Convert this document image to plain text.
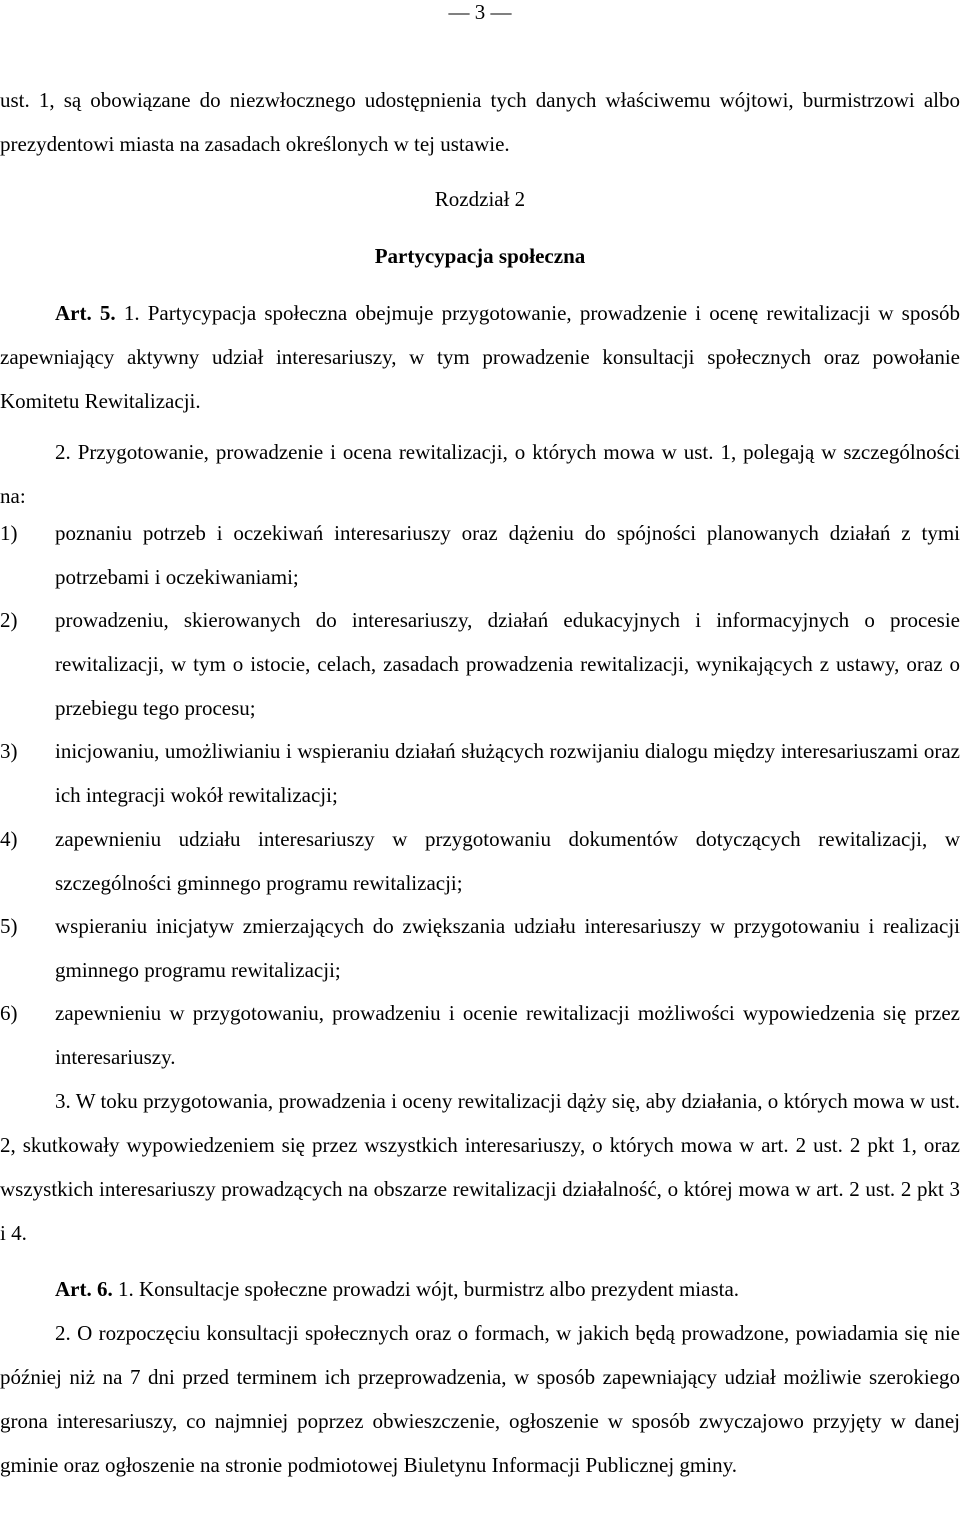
— 3 —

ust. 1, są obowiązane do niezwłocznego udostępnienia tych danych właściwemu wójtowi, burmistrzowi albo prezydentowi miasta na zasadach określonych w tej ustawie.

Rozdział 2

Partycypacja społeczna

Art. 5. 1. Partycypacja społeczna obejmuje przygotowanie, prowadzenie i ocenę rewitalizacji w sposób zapewniający aktywny udział interesariuszy, w tym prowadzenie konsultacji społecznych oraz powołanie Komitetu Rewitalizacji.

2. Przygotowanie, prowadzenie i ocena rewitalizacji, o których mowa w ust. 1, polegają w szczególności na:

1)	poznaniu potrzeb i oczekiwań interesariuszy oraz dążeniu do spójności planowanych działań z tymi potrzebami i oczekiwaniami;
2)	prowadzeniu, skierowanych do interesariuszy, działań edukacyjnych i informacyjnych o procesie rewitalizacji, w tym o istocie, celach, zasadach prowadzenia rewitalizacji, wynikających z ustawy, oraz o przebiegu tego procesu;
3)	inicjowaniu, umożliwianiu i wspieraniu działań służących rozwijaniu dialogu między interesariuszami oraz ich integracji wokół rewitalizacji;
4)	zapewnieniu udziału interesariuszy w przygotowaniu dokumentów dotyczących rewitalizacji, w szczególności gminnego programu rewitalizacji;
5)	wspieraniu inicjatyw zmierzających do zwiększania udziału interesariuszy w przygotowaniu i realizacji gminnego programu rewitalizacji;
6)	zapewnieniu w przygotowaniu, prowadzeniu i ocenie rewitalizacji możliwości wypowiedzenia się przez interesariuszy.

3. W toku przygotowania, prowadzenia i oceny rewitalizacji dąży się, aby działania, o których mowa w ust. 2, skutkowały wypowiedzeniem się przez wszystkich interesariuszy, o których mowa w art. 2 ust. 2 pkt 1, oraz wszystkich interesariuszy prowadzących na obszarze rewitalizacji działalność, o której mowa w art. 2 ust. 2 pkt 3 i 4.

Art. 6. 1. Konsultacje społeczne prowadzi wójt, burmistrz albo prezydent miasta.

2. O rozpoczęciu konsultacji społecznych oraz o formach, w jakich będą prowadzone, powiadamia się nie później niż na 7 dni przed terminem ich przeprowadzenia, w sposób zapewniający udział możliwie szerokiego grona interesariuszy, co najmniej poprzez obwieszczenie, ogłoszenie w sposób zwyczajowo przyjęty w danej gminie oraz ogłoszenie na stronie podmiotowej Biuletynu Informacji Publicznej gminy.
